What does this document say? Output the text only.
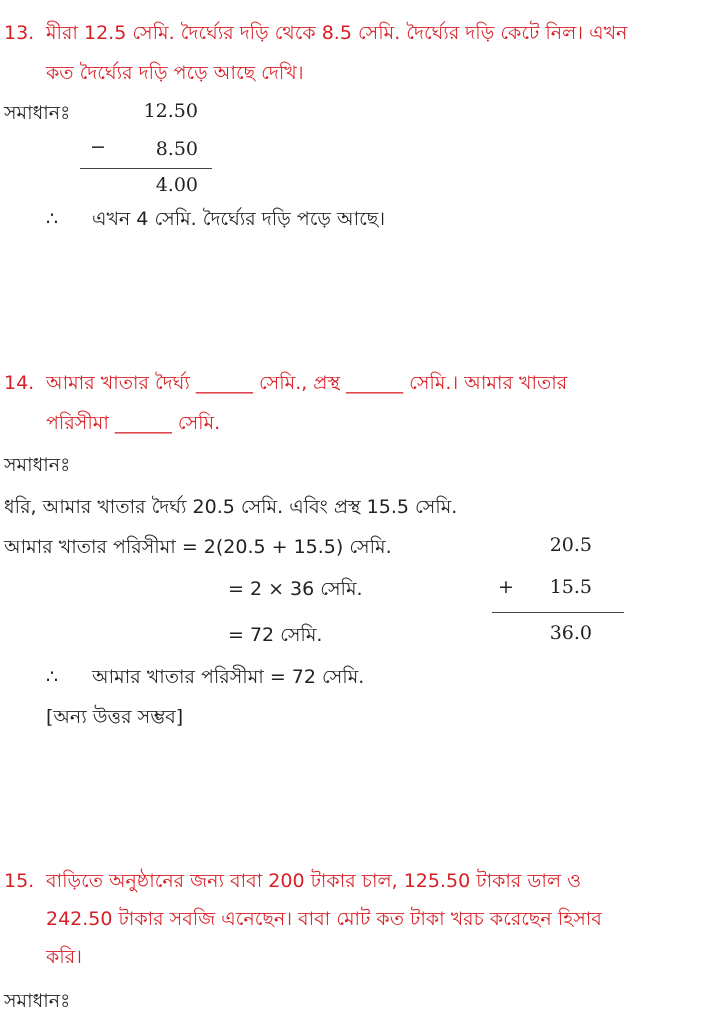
13. মীরা 12.5 সেমি. দৈর্ঘ্যের দড়ি থেকে 8.5 সেমি. দৈর্ঘ্যের দড়ি কেটে নিল। এখন
কত দৈর্ঘ্যের দড়ি পড়ে আছে দেখি।
সমাধানঃ	12.50
−	8.50
4.00
∴ এখন 4 সেমি. দৈর্ঘ্যের দড়ি পড়ে আছে।
14. আমার খাতার দৈর্ঘ্য ______ সেমি., প্রস্থ ______ সেমি.। আমার খাতার
পরিসীমা ______ সেমি.
সমাধানঃ
ধরি, আমার খাতার দৈর্ঘ্য 20.5 সেমি. এবিং প্রস্থ 15.5 সেমি.
আমার খাতার পরিসীমা = 2(20.5 + 15.5) সেমি.
= 2 × 36 সেমি.
= 72 সেমি.
20.5
+	15.5
36.0
∴ আমার খাতার পরিসীমা = 72 সেমি.
[অন্য উত্তর সম্ভব]
15. বাড়িতে অনুষ্ঠানের জন্য বাবা 200 টাকার চাল, 125.50 টাকার ডাল ও
242.50 টাকার সবজি এনেছেন। বাবা মোট কত টাকা খরচ করেছেন হিসাব
করি।
সমাধানঃ
